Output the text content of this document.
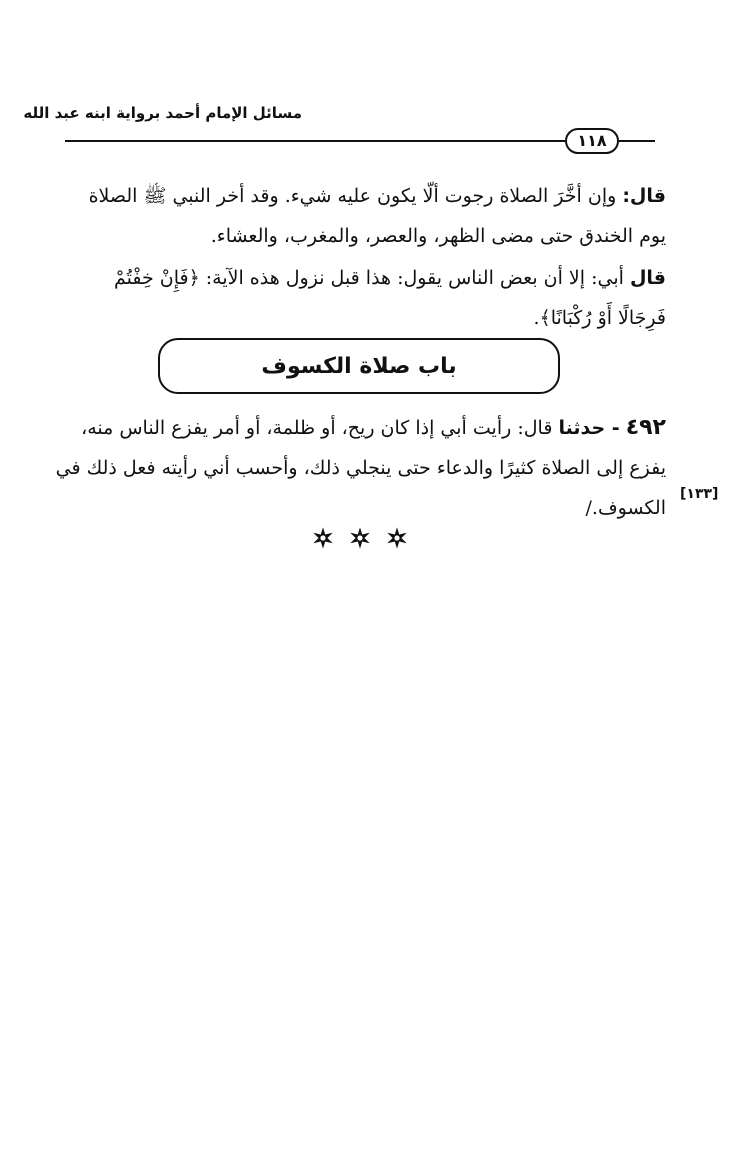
مسائل الإمام أحمد برواية ابنه عبد الله
١١٨
قال: وإن أخَّرَ الصلاة رجوت ألّا يكون عليه شيء. وقد أخر النبي ﷺ الصلاة
يوم الخندق حتى مضى الظهر، والعصر، والمغرب، والعشاء.
قال أبي: إلا أن بعض الناس يقول: هذا قبل نزول هذه الآية: ﴿فَإِنْ خِفْتُمْ
فَرِجَالًا أَوْ رُكْبَانًا﴾.
باب صلاة الكسوف
٤٩٢ - حدثنا قال: رأيت أبي إذا كان ريح، أو ظلمة، أو أمر يفزع الناس منه،
يفزع إلى الصلاة كثيرًا والدعاء حتى ينجلي ذلك، وأحسب أني رأيته فعل ذلك في
الكسوف./
[١٣٣]
